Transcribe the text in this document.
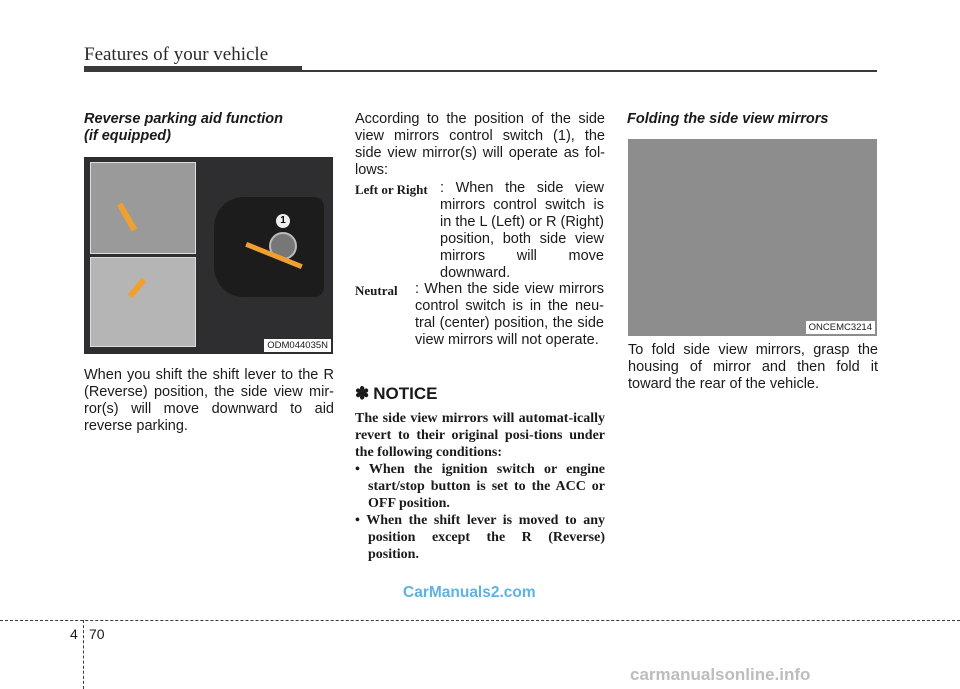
Features of your vehicle
Reverse parking aid function
(if equipped)
1
ODM044035N
When you shift the shift lever to the R (Reverse) position, the side view mir-ror(s) will move downward to aid reverse parking.
According to the position of the side view mirrors control switch (1), the side view mirror(s) will operate as fol-lows:
Left or Right : When the side view mirrors control switch is in the L (Left) or R (Right) position, both side view mirrors will move downward.
Neutral : When the side view mirrors control switch is in the neu-tral (center) position, the side view mirrors will not operate.
✽ NOTICE
The side view mirrors will automat-ically revert to their original posi-tions under the following conditions:
• When the ignition switch or engine start/stop button is set to the ACC or OFF position.
• When the shift lever is moved to any position except the R (Reverse) position.
Folding the side view mirrors
ONCEMC3214
To fold side view mirrors, grasp the housing of mirror and then fold it toward the rear of the vehicle.
CarManuals2.com
4 70
carmanualsonline.info
